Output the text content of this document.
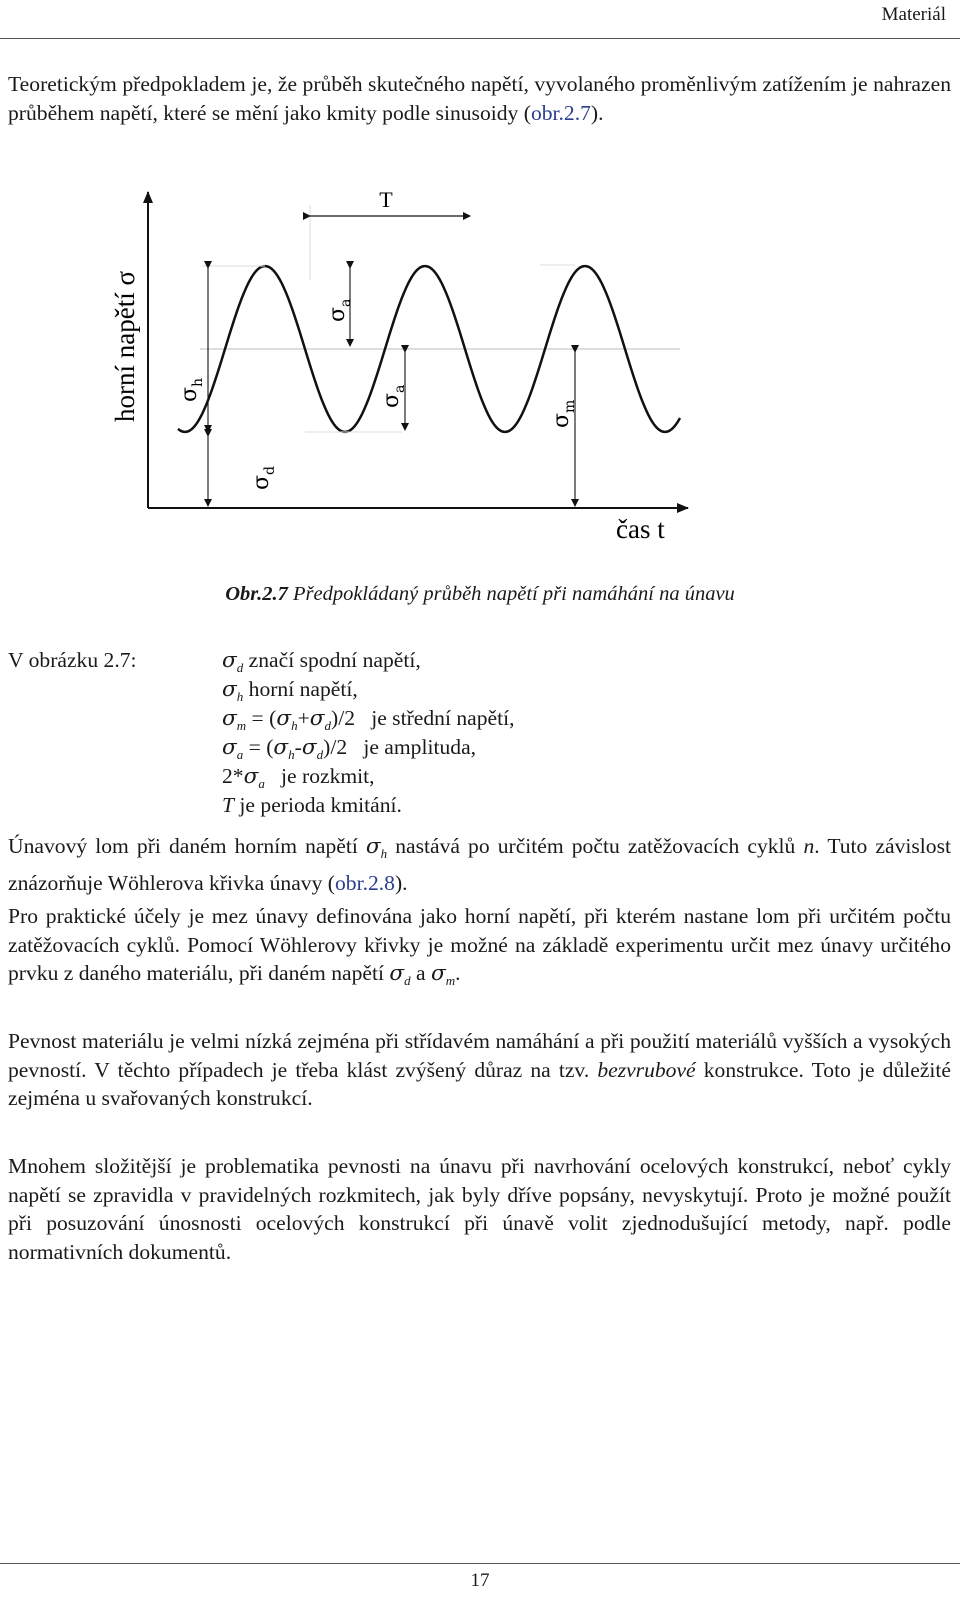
Materiál

Teoretickým předpokladem je, že průběh skutečného napětí, vyvolaného proměnlivým zatížením je nahrazen průběhem napětí, které se mění jako kmity podle sinusoidy (obr.2.7).

T
horní napětí σ $\sigma_h$
$\sigma_d$
$\sigma_a$
$\sigma_a$
$\sigma_m$
čas t
Obr.2.7 Předpokládaný průběh napětí při namáhání na únavu
V obrázku 2.7:	$\sigma_d$ značí spodní napětí,
$\sigma_h$ horní napětí,
$\sigma_m = (\sigma_h+\sigma_d)/2$   je střední napětí,
$\sigma_a = (\sigma_h-\sigma_d)/2$   je amplituda,
$2*\sigma_a$   je rozkmit,
T je perioda kmitání.

Únavový lom při daném horním napětí $\sigma_h$ nastává po určitém počtu zatěžovacích cyklů n. Tuto závislost znázorňuje Wöhlerova křivka únavy (obr.2.8).

Pro praktické účely je mez únavy definována jako horní napětí, při kterém nastane lom při určitém počtu zatěžovacích cyklů. Pomocí Wöhlerovy křivky je možné na základě experimentu určit mez únavy určitého prvku z daného materiálu, při daném napětí $\sigma_d$ a $\sigma_m$.

Pevnost materiálu je velmi nízká zejména při střídavém namáhání a při použití materiálů vyšších a vysokých pevností. V těchto případech je třeba klást zvýšený důraz na tzv. bezvrubové konstrukce. Toto je důležité zejména u svařovaných konstrukcí.

Mnohem složitější je problematika pevnosti na únavu při navrhování ocelových konstrukcí, neboť cykly napětí se zpravidla v pravidelných rozkmitech, jak byly dříve popsány, nevyskytují. Proto je možné použít při posuzování únosnosti ocelových konstrukcí při únavě volit zjednodušující metody, např. podle normativních dokumentů.

17
